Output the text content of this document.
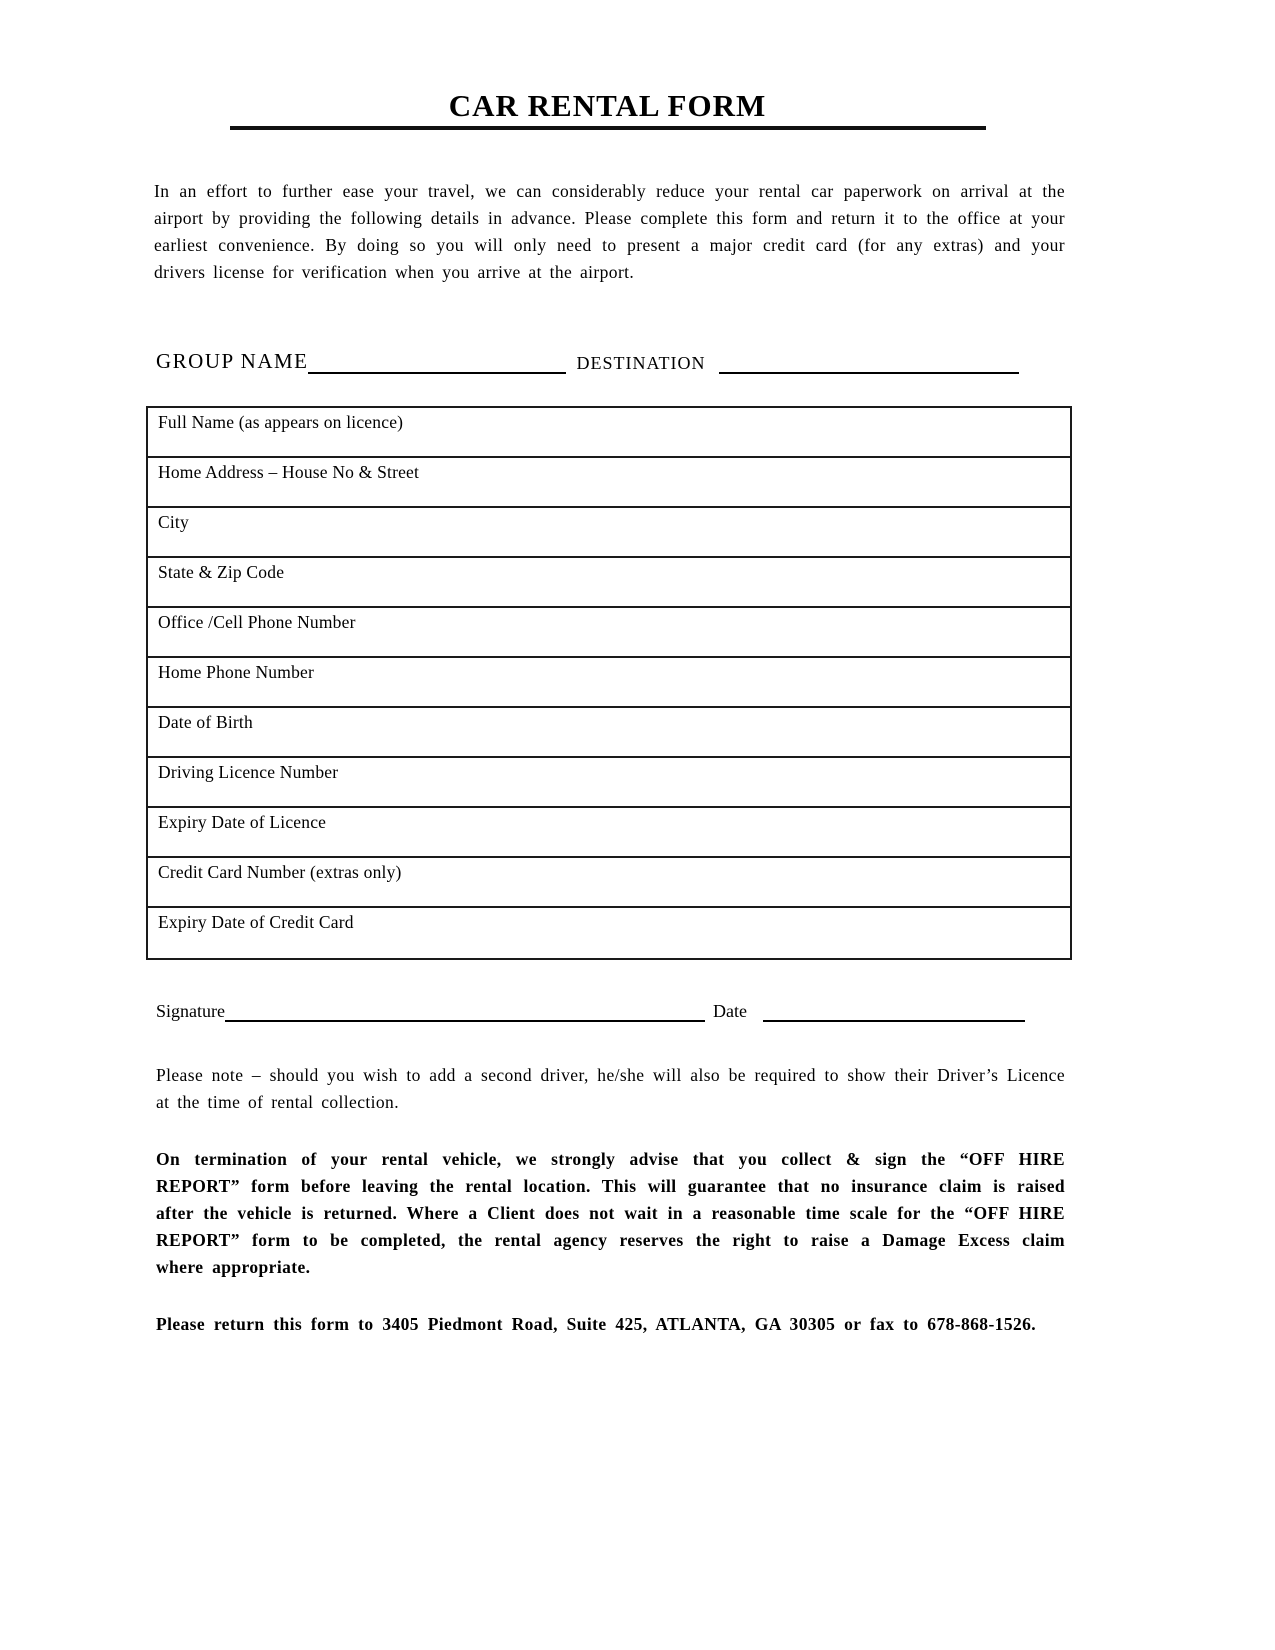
CAR RENTAL FORM

In an effort to further ease your travel, we can considerably reduce your rental car paperwork on arrival at the airport by providing the following details in advance. Please complete this form and return it to the office at your earliest convenience. By doing so you will only need to present a major credit card (for any extras) and your drivers license for verification when you arrive at the airport.

GROUP NAME	DESTINATION
Full Name (as appears on licence)
Home Address – House No & Street
City
State & Zip Code
Office /Cell Phone Number
Home Phone Number
Date of Birth
Driving Licence Number
Expiry Date of Licence
Credit Card Number (extras only)
Expiry Date of Credit Card
Signature	Date

Please note – should you wish to add a second driver, he/she will also be required to show their Driver’s Licence at the time of rental collection.

On termination of your rental vehicle, we strongly advise that you collect & sign the “OFF HIRE REPORT” form before leaving the rental location. This will guarantee that no insurance claim is raised after the vehicle is returned. Where a Client does not wait in a reasonable time scale for the “OFF HIRE REPORT” form to be completed, the rental agency reserves the right to raise a Damage Excess claim where appropriate.

Please return this form to 3405 Piedmont Road, Suite 425, ATLANTA, GA 30305 or fax to 678-868-1526.
